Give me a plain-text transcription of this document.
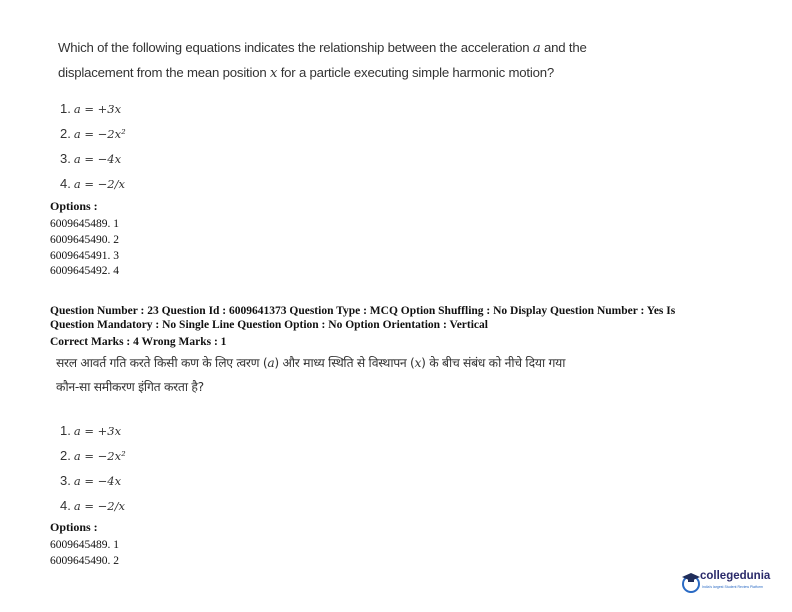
Which of the following equations indicates the relationship between the acceleration a and the
displacement from the mean position x for a particle executing simple harmonic motion?
1. a = +3x
2. a = −2x²
3. a = −4x
4. a = −2/x
Options :
6009645489. 1
6009645490. 2
6009645491. 3
6009645492. 4
Question Number : 23 Question Id : 6009641373 Question Type : MCQ Option Shuffling : No Display Question Number : Yes Is
Question Mandatory : No Single Line Question Option : No Option Orientation : Vertical
Correct Marks : 4 Wrong Marks : 1
सरल आवर्त गति करते किसी कण के लिए त्वरण (a) और माध्य स्थिति से विस्थापन (x) के बीच संबंध को नीचे दिया गया
कौन-सा समीकरण इंगित करता है?
1. a = +3x
2. a = −2x²
3. a = −4x
4. a = −2/x
Options :
6009645489. 1
6009645490. 2
collegedunia
India's largest Student Review Platform
